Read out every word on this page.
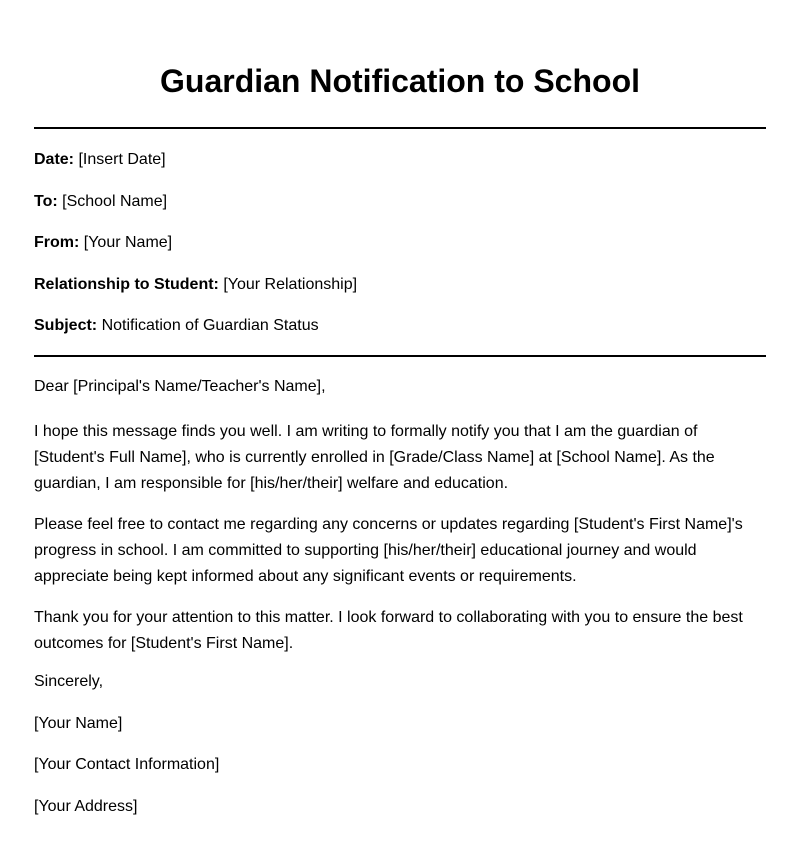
Guardian Notification to School
Date: [Insert Date]
To: [School Name]
From: [Your Name]
Relationship to Student: [Your Relationship]
Subject: Notification of Guardian Status

Dear [Principal's Name/Teacher's Name],

I hope this message finds you well. I am writing to formally notify you that I am the guardian of [Student's Full Name], who is currently enrolled in [Grade/Class Name] at [School Name]. As the guardian, I am responsible for [his/her/their] welfare and education.

Please feel free to contact me regarding any concerns or updates regarding [Student's First Name]'s progress in school. I am committed to supporting [his/her/their] educational journey and would appreciate being kept informed about any significant events or requirements.

Thank you for your attention to this matter. I look forward to collaborating with you to ensure the best outcomes for [Student's First Name].

Sincerely,

[Your Name]

[Your Contact Information]

[Your Address]
